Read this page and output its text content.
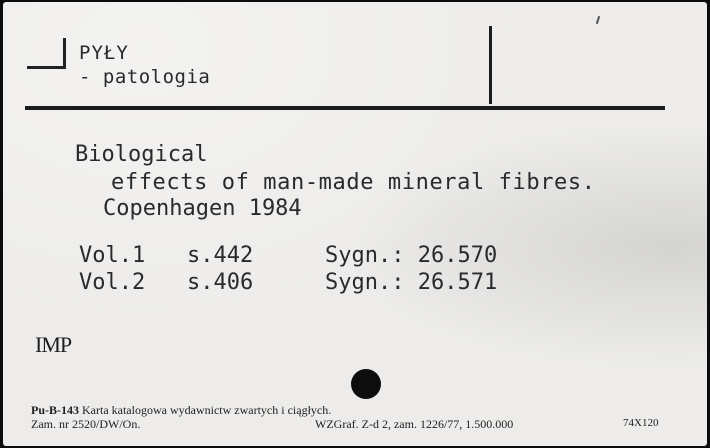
PYŁY
- patologia
Biological
effects of man-made mineral fibres.
Copenhagen 1984
Vol.1 s.442	Sygn.: 26.570
Vol.2 s.406	Sygn.: 26.571
IMP
Pu-B-143 Karta katalogowa wydawnictw zwartych i ciągłych.
Zam. nr 2520/DW/On.	WZGraf. Z-d 2, zam. 1226/77, 1.500.000	74X120
